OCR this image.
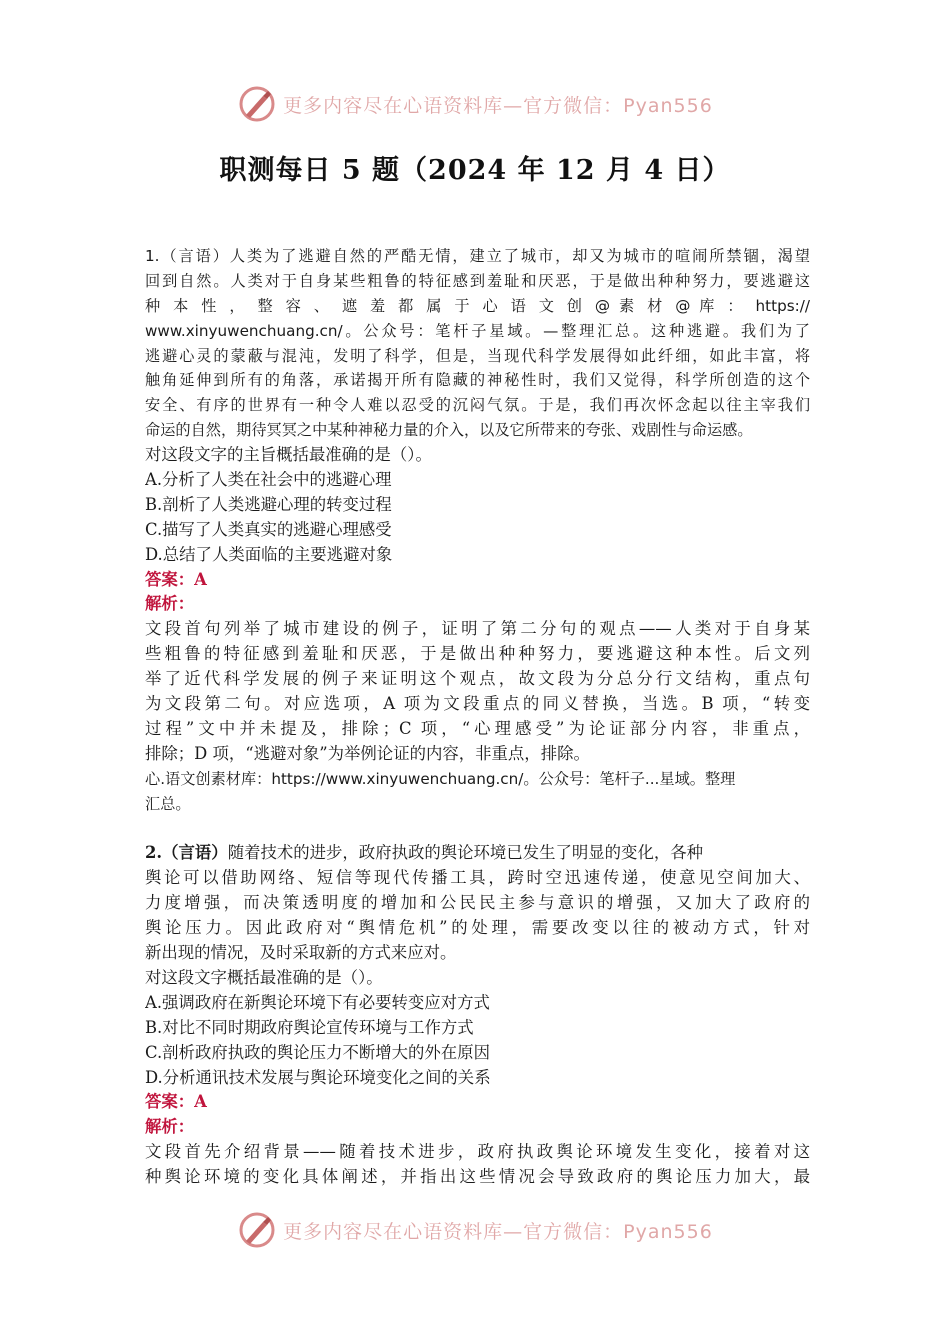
更多内容尽在心语资料库—官方微信：Pyan556
职测每日 5 题（2024 年 12 月 4 日）
1.（言语）人类为了逃避自然的严酷无情，建立了城市，却又为城市的喧闹所禁锢，渴望
回到自然。人类对于自身某些粗鲁的特征感到羞耻和厌恶，于是做出种种努力，要逃避这
种 本 性 ， 整 容 、 遮 羞 都 属 于 心 语 文 创 @ 素 材 @ 库 ： https://
www.xinyuwenchuang.cn/。公众号：笔杆子星域。—整理汇总。这种逃避。我们为了
逃避心灵的蒙蔽与混沌，发明了科学，但是，当现代科学发展得如此纤细，如此丰富，将
触角延伸到所有的角落，承诺揭开所有隐藏的神秘性时，我们又觉得，科学所创造的这个
安全、有序的世界有一种令人难以忍受的沉闷气氛。于是，我们再次怀念起以往主宰我们
命运的自然，期待冥冥之中某种神秘力量的介入，以及它所带来的夸张、戏剧性与命运感。
对这段文字的主旨概括最准确的是（）。
A.分析了人类在社会中的逃避心理
B.剖析了人类逃避心理的转变过程
C.描写了人类真实的逃避心理感受
D.总结了人类面临的主要逃避对象
答案：A
解析：
文段首句列举了城市建设的例子，证明了第二分句的观点——人类对于自身某
些粗鲁的特征感到羞耻和厌恶，于是做出种种努力，要逃避这种本性。后文列
举了近代科学发展的例子来证明这个观点，故文段为分总分行文结构，重点句
为文段第二句。对应选项，A 项为文段重点的同义替换，当选。B 项，“转变
过程”文中并未提及，排除；C 项，“心理感受”为论证部分内容，非重点，
排除；D 项，“逃避对象”为举例论证的内容，非重点，排除。
心.语文创素材库：https://www.xinyuwenchuang.cn/。公众号：笔杆子...星域。整理
汇总。
2.（言语）随着技术的进步，政府执政的舆论环境已发生了明显的变化，各种
舆论可以借助网络、短信等现代传播工具，跨时空迅速传递，使意见空间加大、
力度增强，而决策透明度的增加和公民民主参与意识的增强，又加大了政府的
舆论压力。因此政府对“舆情危机”的处理，需要改变以往的被动方式，针对
新出现的情况，及时采取新的方式来应对。
对这段文字概括最准确的是（）。
A.强调政府在新舆论环境下有必要转变应对方式
B.对比不同时期政府舆论宣传环境与工作方式
C.剖析政府执政的舆论压力不断增大的外在原因
D.分析通讯技术发展与舆论环境变化之间的关系
答案：A
解析：
文段首先介绍背景——随着技术进步，政府执政舆论环境发生变化，接着对这
种舆论环境的变化具体阐述，并指出这些情况会导致政府的舆论压力加大，最
更多内容尽在心语资料库—官方微信：Pyan556
